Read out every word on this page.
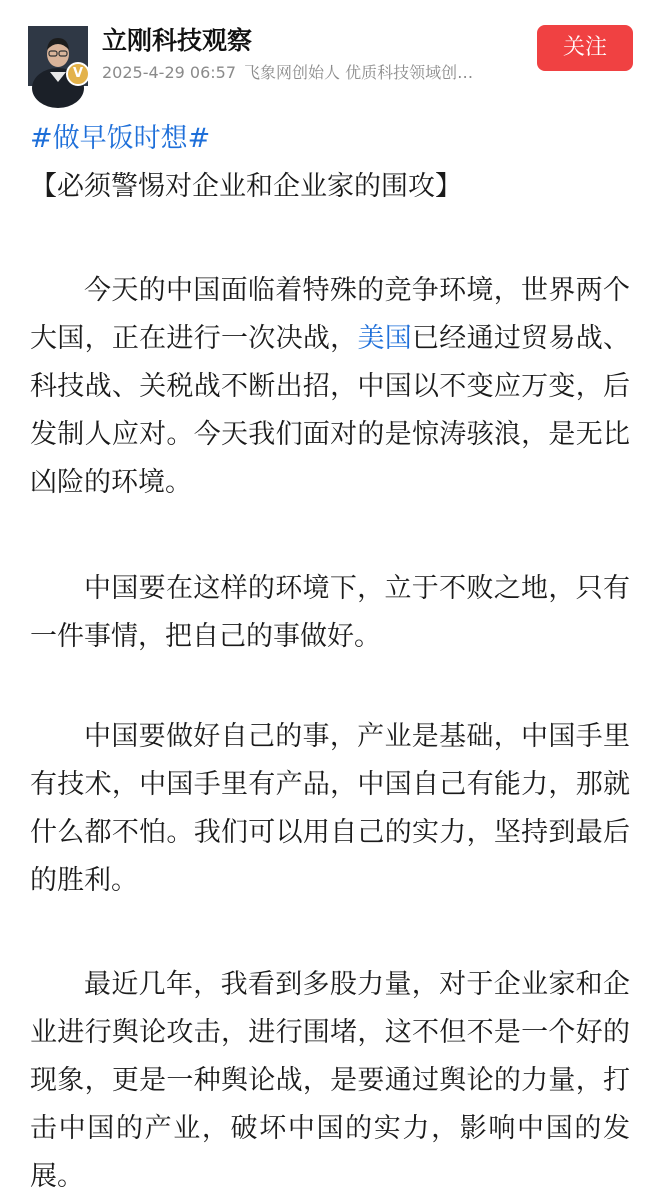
V
立刚科技观察
2025-4-29 06:57 飞象网创始人 优质科技领域创…
关注

#做早饭时想#【必须警惕对企业和企业家的围攻】

今天的中国面临着特殊的竞争环境，世界两个大国，正在进行一次决战，美国已经通过贸易战、科技战、关税战不断出招，中国以不变应万变，后发制人应对。今天我们面对的是惊涛骇浪，是无比凶险的环境。

中国要在这样的环境下，立于不败之地，只有一件事情，把自己的事做好。

中国要做好自己的事，产业是基础，中国手里有技术，中国手里有产品，中国自己有能力，那就什么都不怕。我们可以用自己的实力，坚持到最后的胜利。

最近几年，我看到多股力量，对于企业家和企业进行舆论攻击，进行围堵，这不但不是一个好的现象，更是一种舆论战，是要通过舆论的力量，打击中国的产业，破坏中国的实力，影响中国的发展。
